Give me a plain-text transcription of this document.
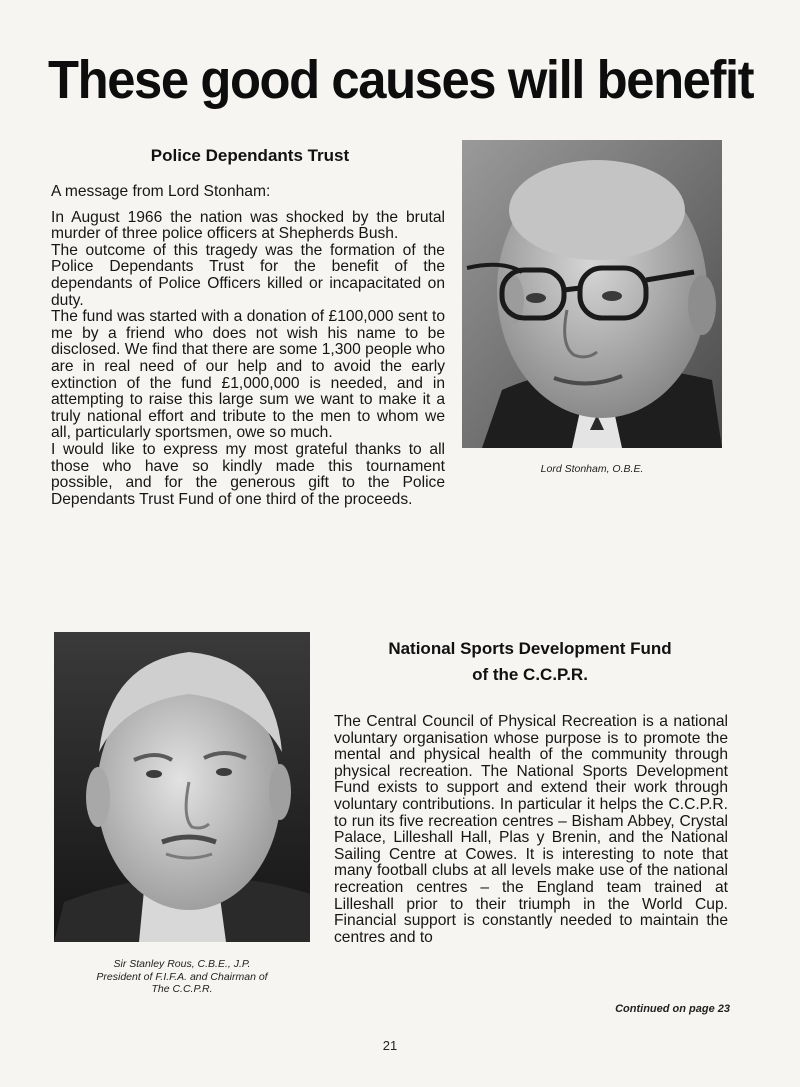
These good causes will benefit
Police Dependants Trust

A message from Lord Stonham:

In August 1966 the nation was shocked by the brutal murder of three police officers at Shepherds Bush.

The outcome of this tragedy was the formation of the Police Dependants Trust for the benefit of the dependants of Police Officers killed or incapacitated on duty.

The fund was started with a donation of £100,000 sent to me by a friend who does not wish his name to be disclosed. We find that there are some 1,300 people who are in real need of our help and to avoid the early extinction of the fund £1,000,000 is needed, and in attempting to raise this large sum we want to make it a truly national effort and tribute to the men to whom we all, particularly sportsmen, owe so much.

I would like to express my most grateful thanks to all those who have so kindly made this tournament possible, and for the generous gift to the Police Dependants Trust Fund of one third of the proceeds.

Lord Stonham, O.B.E.
Sir Stanley Rous, C.B.E., J.P.
President of F.I.F.A. and Chairman of
The C.C.P.R.
National Sports Development Fund
of the C.C.P.R.

The Central Council of Physical Recreation is a national voluntary organisation whose purpose is to promote the mental and physical health of the community through physical recreation. The National Sports Development Fund exists to support and extend their work through voluntary contributions. In particular it helps the C.C.P.R. to run its five recreation centres – Bisham Abbey, Crystal Palace, Lilleshall Hall, Plas y Brenin, and the National Sailing Centre at Cowes. It is interesting to note that many football clubs at all levels make use of the national recreation centres – the England team trained at Lilleshall prior to their triumph in the World Cup. Financial support is constantly needed to maintain the centres and to

Continued on page 23
21
